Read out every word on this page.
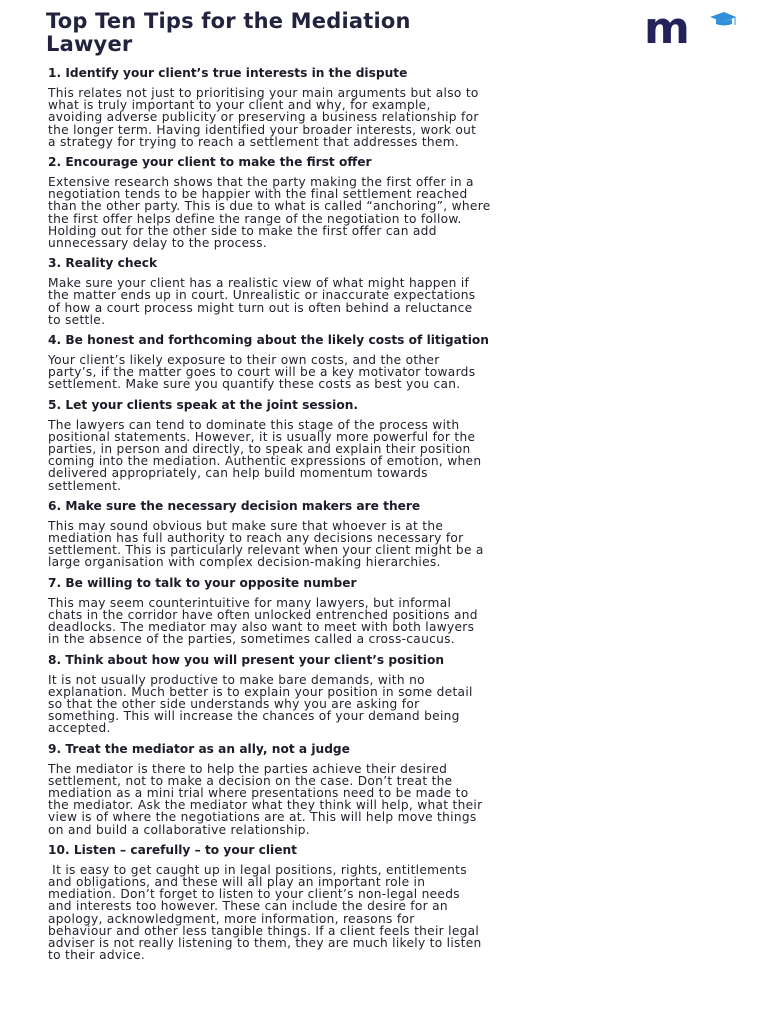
Top Ten Tips for the Mediation
Lawyer	m
1. Identify your client’s true interests in the dispute
This relates not just to prioritising your main arguments but also to
what is truly important to your client and why, for example,
avoiding adverse publicity or preserving a business relationship for
the longer term. Having identified your broader interests, work out
a strategy for trying to reach a settlement that addresses them.
2. Encourage your client to make the first offer
Extensive research shows that the party making the first offer in a
negotiation tends to be happier with the final settlement reached
than the other party. This is due to what is called “anchoring”, where
the first offer helps define the range of the negotiation to follow.
Holding out for the other side to make the first offer can add
unnecessary delay to the process.
3. Reality check
Make sure your client has a realistic view of what might happen if
the matter ends up in court. Unrealistic or inaccurate expectations
of how a court process might turn out is often behind a reluctance
to settle.
4. Be honest and forthcoming about the likely costs of litigation
Your client’s likely exposure to their own costs, and the other
party’s, if the matter goes to court will be a key motivator towards
settlement. Make sure you quantify these costs as best you can.
5. Let your clients speak at the joint session.
The lawyers can tend to dominate this stage of the process with
positional statements. However, it is usually more powerful for the
parties, in person and directly, to speak and explain their position
coming into the mediation. Authentic expressions of emotion, when
delivered appropriately, can help build momentum towards
settlement.
6. Make sure the necessary decision makers are there
This may sound obvious but make sure that whoever is at the
mediation has full authority to reach any decisions necessary for
settlement. This is particularly relevant when your client might be a
large organisation with complex decision-making hierarchies.
7. Be willing to talk to your opposite number
This may seem counterintuitive for many lawyers, but informal
chats in the corridor have often unlocked entrenched positions and
deadlocks. The mediator may also want to meet with both lawyers
in the absence of the parties, sometimes called a cross-caucus.
8. Think about how you will present your client’s position
It is not usually productive to make bare demands, with no
explanation. Much better is to explain your position in some detail
so that the other side understands why you are asking for
something. This will increase the chances of your demand being
accepted.
9. Treat the mediator as an ally, not a judge
The mediator is there to help the parties achieve their desired
settlement, not to make a decision on the case. Don’t treat the
mediation as a mini trial where presentations need to be made to
the mediator. Ask the mediator what they think will help, what their
view is of where the negotiations are at. This will help move things
on and build a collaborative relationship.
10. Listen – carefully – to your client
It is easy to get caught up in legal positions, rights, entitlements
and obligations, and these will all play an important role in
mediation. Don’t forget to listen to your client’s non-legal needs
and interests too however. These can include the desire for an
apology, acknowledgment, more information, reasons for
behaviour and other less tangible things. If a client feels their legal
adviser is not really listening to them, they are much likely to listen
to their advice.
